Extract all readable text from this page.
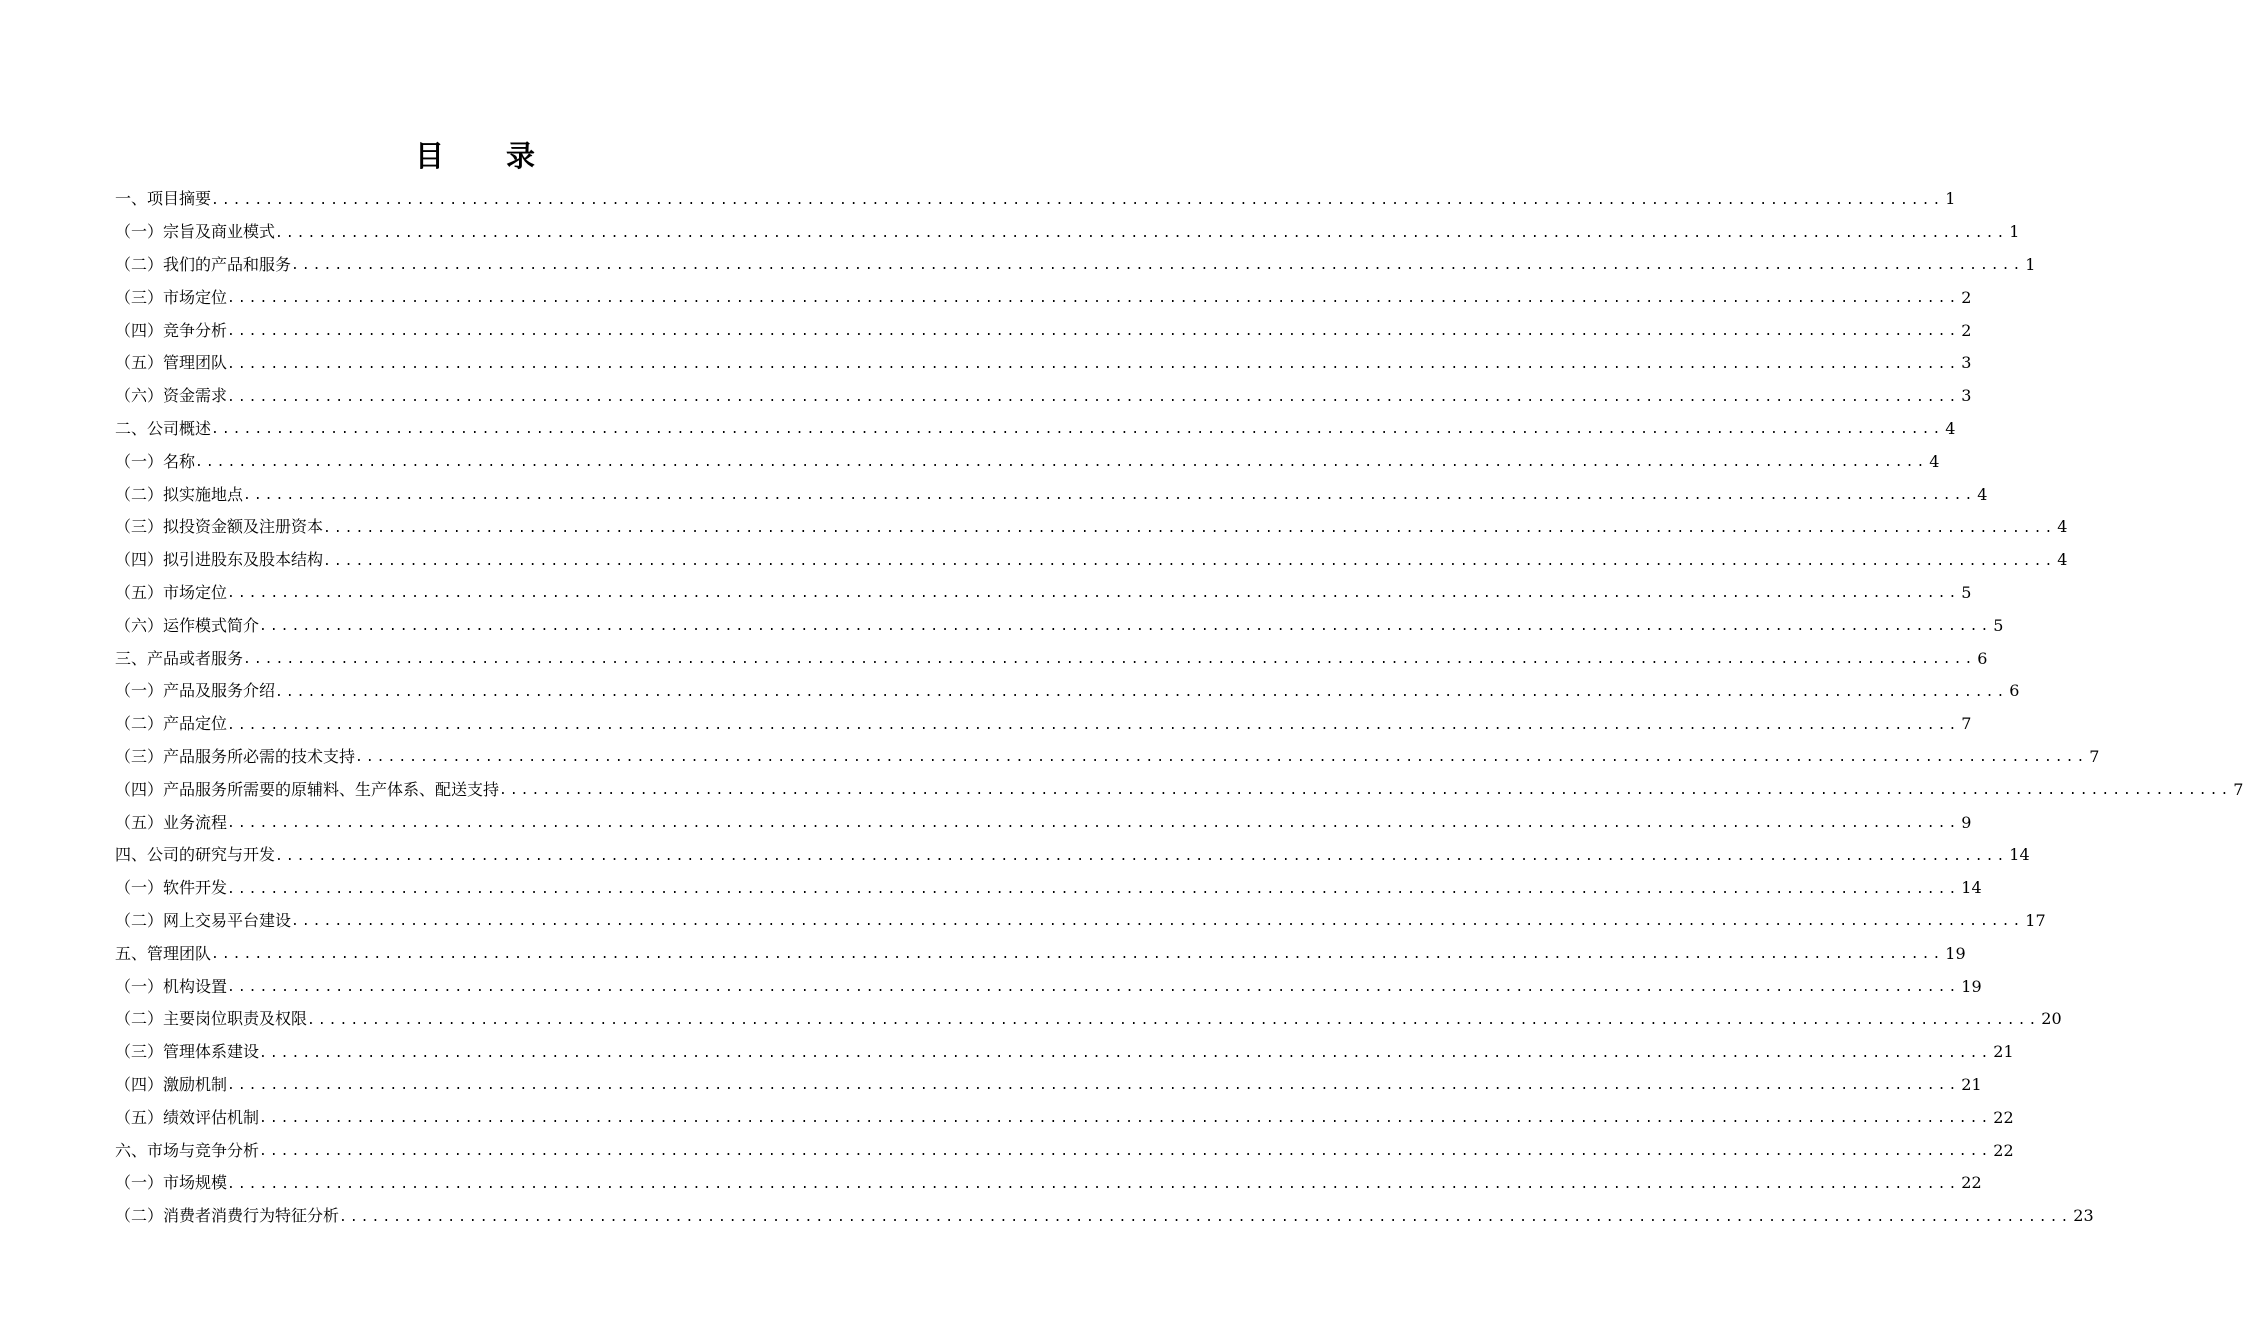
目 录
一、项目摘要 ................................................................................................................................................................ 1
（一）宗旨及商业模式 ................................................................................................................................................................ 1
（二）我们的产品和服务 ................................................................................................................................................................ 1
（三）市场定位 ................................................................................................................................................................ 2
（四）竞争分析 ................................................................................................................................................................ 2
（五）管理团队 ................................................................................................................................................................ 3
（六）资金需求 ................................................................................................................................................................ 3
二、公司概述 ................................................................................................................................................................ 4
（一）名称 ................................................................................................................................................................ 4
（二）拟实施地点 ................................................................................................................................................................ 4
（三）拟投资金额及注册资本 ................................................................................................................................................................ 4
（四）拟引进股东及股本结构 ................................................................................................................................................................ 4
（五）市场定位 ................................................................................................................................................................ 5
（六）运作模式简介 ................................................................................................................................................................ 5
三、产品或者服务 ................................................................................................................................................................ 6
（一）产品及服务介绍 ................................................................................................................................................................ 6
（二）产品定位 ................................................................................................................................................................ 7
（三）产品服务所必需的技术支持 ................................................................................................................................................................ 7
（四）产品服务所需要的原辅料、生产体系、配送支持 ................................................................................................................................................................ 7
（五）业务流程 ................................................................................................................................................................ 9
四、公司的研究与开发 ................................................................................................................................................................ 14
（一）软件开发 ................................................................................................................................................................ 14
（二）网上交易平台建设 ................................................................................................................................................................ 17
五、管理团队 ................................................................................................................................................................ 19
（一）机构设置 ................................................................................................................................................................ 19
（二）主要岗位职责及权限 ................................................................................................................................................................ 20
（三）管理体系建设 ................................................................................................................................................................ 21
（四）激励机制 ................................................................................................................................................................ 21
（五）绩效评估机制 ................................................................................................................................................................ 22
六、市场与竞争分析 ................................................................................................................................................................ 22
（一）市场规模 ................................................................................................................................................................ 22
（二）消费者消费行为特征分析 ................................................................................................................................................................ 23
